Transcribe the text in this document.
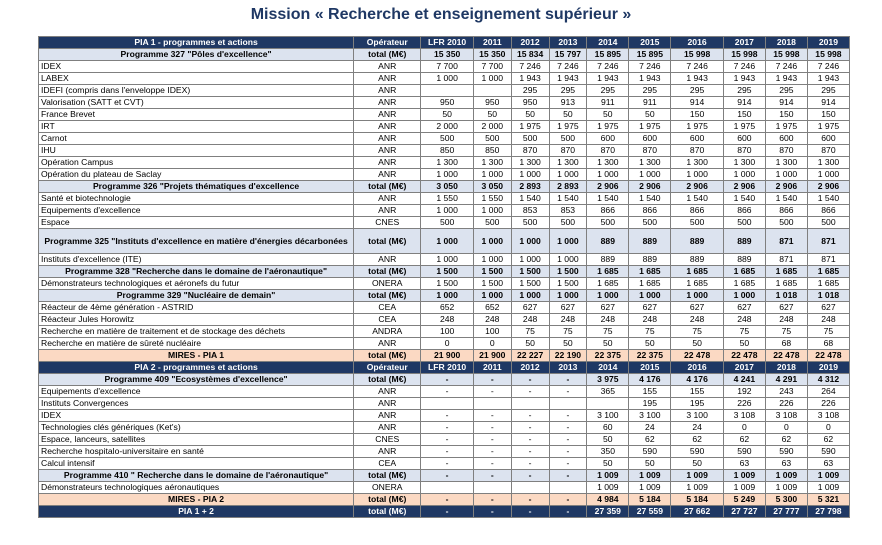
Mission « Recherche et enseignement supérieur »
PIA 1 - programmes et actions	Opérateur	LFR 2010	2011	2012	2013	2014	2015	2016	2017	2018	2019
Programme 327 "Pôles d'excellence"	total (M€)	15 350	15 350	15 834	15 797	15 895	15 895	15 998	15 998	15 998	15 998
IDEX	ANR	7 700	7 700	7 246	7 246	7 246	7 246	7 246	7 246	7 246	7 246
LABEX	ANR	1 000	1 000	1 943	1 943	1 943	1 943	1 943	1 943	1 943	1 943
IDEFI (compris dans l'enveloppe IDEX)	ANR			295	295	295	295	295	295	295	295
Valorisation (SATT et CVT)	ANR	950	950	950	913	911	911	914	914	914	914
France Brevet	ANR	50	50	50	50	50	50	150	150	150	150
IRT	ANR	2 000	2 000	1 975	1 975	1 975	1 975	1 975	1 975	1 975	1 975
Carnot	ANR	500	500	500	500	600	600	600	600	600	600
IHU	ANR	850	850	870	870	870	870	870	870	870	870
Opération Campus	ANR	1 300	1 300	1 300	1 300	1 300	1 300	1 300	1 300	1 300	1 300
Opération du plateau de Saclay	ANR	1 000	1 000	1 000	1 000	1 000	1 000	1 000	1 000	1 000	1 000
Programme 326 "Projets thématiques d'excellence	total (M€)	3 050	3 050	2 893	2 893	2 906	2 906	2 906	2 906	2 906	2 906
Santé et biotechnologie	ANR	1 550	1 550	1 540	1 540	1 540	1 540	1 540	1 540	1 540	1 540
Equipements d'excellence	ANR	1 000	1 000	853	853	866	866	866	866	866	866
Espace	CNES	500	500	500	500	500	500	500	500	500	500
Programme 325 "Instituts d'excellence en matière d'énergies décarbonées	total (M€)	1 000	1 000	1 000	1 000	889	889	889	889	871	871
Instituts d'excellence (ITE)	ANR	1 000	1 000	1 000	1 000	889	889	889	889	871	871
Programme 328 "Recherche dans le domaine de l'aéronautique"	total (M€)	1 500	1 500	1 500	1 500	1 685	1 685	1 685	1 685	1 685	1 685
Démonstrateurs technologiques et aéronefs du futur	ONERA	1 500	1 500	1 500	1 500	1 685	1 685	1 685	1 685	1 685	1 685
Programme 329 "Nucléaire de demain"	total (M€)	1 000	1 000	1 000	1 000	1 000	1 000	1 000	1 000	1 018	1 018
Réacteur de 4ème génération - ASTRID	CEA	652	652	627	627	627	627	627	627	627	627
Réacteur Jules Horowitz	CEA	248	248	248	248	248	248	248	248	248	248
Recherche en matière de traitement et de stockage des déchets	ANDRA	100	100	75	75	75	75	75	75	75	75
Recherche en matière de sûreté nucléaire	ANR	0	0	50	50	50	50	50	50	68	68
MIRES - PIA 1	total (M€)	21 900	21 900	22 227	22 190	22 375	22 375	22 478	22 478	22 478	22 478
PIA 2 - programmes et actions	Opérateur	LFR 2010	2011	2012	2013	2014	2015	2016	2017	2018	2019
Programme 409 "Ecosystèmes d'excellence"	total (M€)	-	-	-	-	3 975	4 176	4 176	4 241	4 291	4 312
Equipements d'excellence	ANR	-	-	-	-	365	155	155	192	243	264
Instituts Convergences	ANR						195	195	226	226	226
IDEX	ANR	-	-	-	-	3 100	3 100	3 100	3 108	3 108	3 108
Technologies clés génériques (Ket's)	ANR	-	-	-	-	60	24	24	0	0	0
Espace, lanceurs, satellites	CNES	-	-	-	-	50	62	62	62	62	62
Recherche hospitalo-universitaire en santé	ANR	-	-	-	-	350	590	590	590	590	590
Calcul intensif	CEA	-	-	-	-	50	50	50	63	63	63
Programme 410 " Recherche dans le domaine de l'aéronautique"	total (M€)	-	-	-	-	1 009	1 009	1 009	1 009	1 009	1 009
Démonstrateurs technologiques aéronautiques	ONERA					1 009	1 009	1 009	1 009	1 009	1 009
MIRES - PIA 2	total (M€)	-	-	-	-	4 984	5 184	5 184	5 249	5 300	5 321
PIA 1 + 2	total (M€)	-	-	-	-	27 359	27 559	27 662	27 727	27 777	27 798
